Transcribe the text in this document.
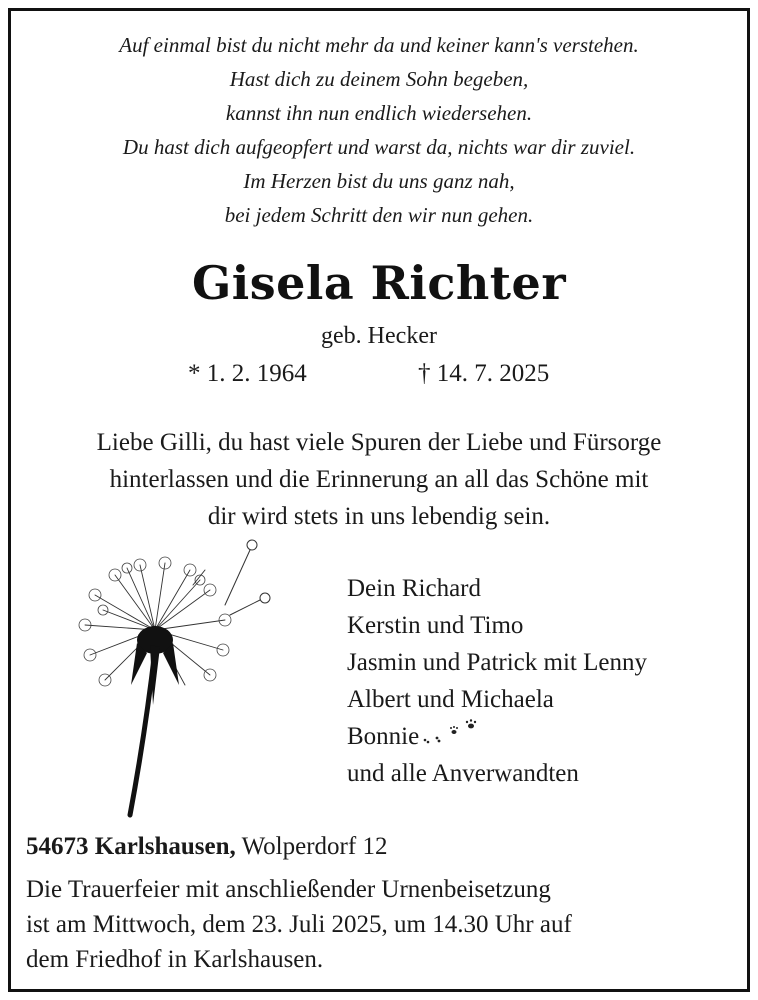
Auf einmal bist du nicht mehr da und keiner kann's verstehen.
Hast dich zu deinem Sohn begeben,
kannst ihn nun endlich wiedersehen.
Du hast dich aufgeopfert und warst da, nichts war dir zuviel.
Im Herzen bist du uns ganz nah,
bei jedem Schritt den wir nun gehen.
Gisela Richter
geb. Hecker
* 1. 2. 1964	† 14. 7. 2025
Liebe Gilli, du hast viele Spuren der Liebe und Fürsorge
hinterlassen und die Erinnerung an all das Schöne mit
dir wird stets in uns lebendig sein.
Dein Richard
Kerstin und Timo
Jasmin und Patrick mit Lenny
Albert und Michaela
Bonnie
und alle Anverwandten
54673 Karlshausen, Wolperdorf 12
Die Trauerfeier mit anschließender Urnenbeisetzung
ist am Mittwoch, dem 23. Juli 2025, um 14.30 Uhr auf
dem Friedhof in Karlshausen.
